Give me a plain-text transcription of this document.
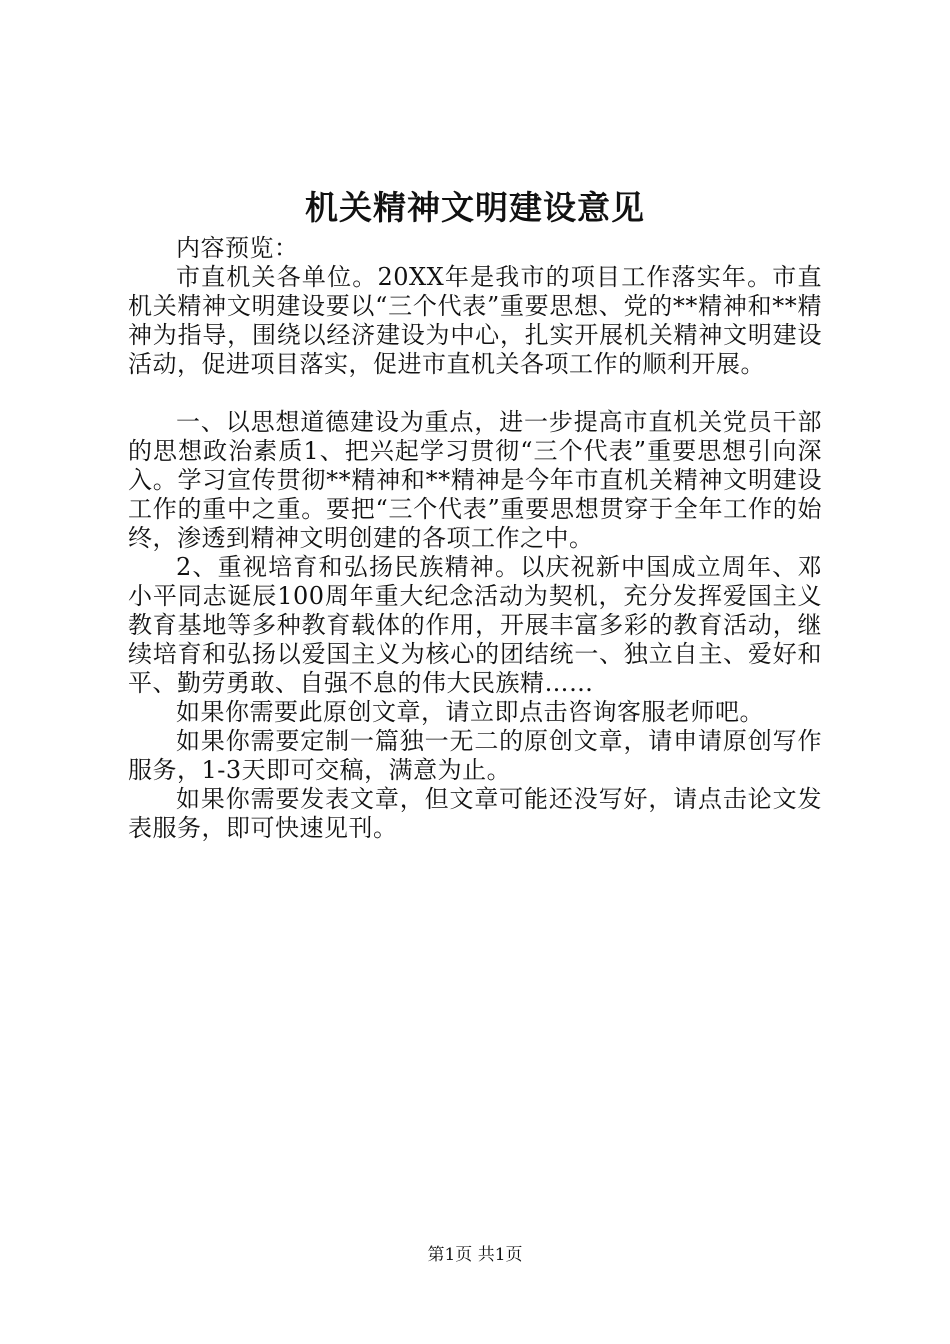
机关精神文明建设意见

内容预览：

市直机关各单位。20XX年是我市的项目工作落实年。市直机关精神文明建设要以“三个代表”重要思想、党的**精神和**精神为指导，围绕以经济建设为中心，扎实开展机关精神文明建设活动，促进项目落实，促进市直机关各项工作的顺利开展。

一、以思想道德建设为重点，进一步提高市直机关党员干部的思想政治素质1、把兴起学习贯彻“三个代表”重要思想引向深入。学习宣传贯彻**精神和**精神是今年市直机关精神文明建设工作的重中之重。要把“三个代表”重要思想贯穿于全年工作的始终，渗透到精神文明创建的各项工作之中。

2、重视培育和弘扬民族精神。以庆祝新中国成立周年、邓小平同志诞辰100周年重大纪念活动为契机，充分发挥爱国主义教育基地等多种教育载体的作用，开展丰富多彩的教育活动，继续培育和弘扬以爱国主义为核心的团结统一、独立自主、爱好和平、勤劳勇敢、自强不息的伟大民族精……

如果你需要此原创文章，请立即点击咨询客服老师吧。

如果你需要定制一篇独一无二的原创文章，请申请原创写作服务，1-3天即可交稿，满意为止。

如果你需要发表文章，但文章可能还没写好，请点击论文发表服务，即可快速见刊。

第1页 共1页
